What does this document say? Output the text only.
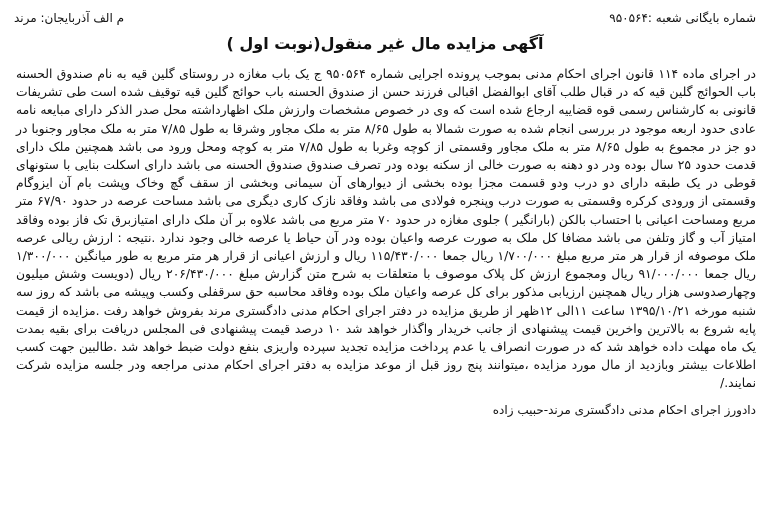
شماره بایگانی شعبه :۹۵۰۵۶۴
م الف آذربایجان: مرند
آگهی مزایده مال غیر منقول(نوبت اول )

در اجرای ماده ۱۱۴ قانون اجرای احکام مدنی بموجب پرونده اجرایی شماره ۹۵۰۵۶۴ ج یک باب مغازه در روستای گلین قیه به نام صندوق الحسنه باب الحوائج گلین قیه که در قبال طلب آقای ابوالفضل اقبالی فرزند حسن از صندوق الحسنه باب حوائج گلین قیه توقیف شده است طی تشریفات قانونی به کارشناس رسمی قوه قضاییه ارجاع شده است که وی در خصوص مشخصات وارزش ملک اظهارداشته محل صدر الذکر دارای مبایعه نامه عادی حدود اربعه موجود در بررسی انجام شده به صورت شمالا به طول ۸/۶۵ متر به ملک مجاور وشرقا به طول ۷/۸۵ متر به ملک مجاور وجنوبا در دو جز در مجموع به طول ۸/۶۵ متر به ملک مجاور وقسمتی از کوچه وغربا به طول ۷/۸۵ متر به کوچه ومحل ورود می باشد همچنین ملک دارای قدمت حدود ۲۵ سال بوده ودر دو دهنه به صورت خالی از سکنه بوده ودر تصرف صندوق صندوق الحسنه می باشد دارای اسکلت بنایی با ستونهای قوطی در یک طبقه دارای دو درب ودو قسمت مجزا بوده بخشی از دیوارهای آن سیمانی وبخشی از سقف گچ وخاک وپشت بام آن ایزوگام وقسمتی از ورودی کرکره وقسمتی به صورت درب وپنجره فولادی می باشد وفاقد نازک کاری دیگری می باشد مساحت عرصه در حدود ۶۷/۹۰ متر مربع ومساحت اعیانی با احتساب بالکن (بارانگیر ) جلوی مغازه در حدود ۷۰ متر مربع می باشد علاوه بر آن ملک دارای امتیازبرق تک فاز بوده وفاقد امتیاز آب و گاز وتلفن می باشد مضافا کل ملک به صورت عرصه واعیان بوده ودر آن حیاط یا عرصه خالی وجود ندارد .نتیجه : ارزش ریالی عرصه ملک موصوفه از قرار هر متر مربع مبلغ ۱/۷۰۰/۰۰۰ ریال جمعا ۱۱۵/۴۳۰/۰۰۰ ریال و ارزش اعیانی از قرار هر متر مربع به طور میانگین ۱/۳۰۰/۰۰۰ ریال جمعا ۹۱/۰۰۰/۰۰۰ ریال ومجموع ارزش کل پلاک موصوف با متعلقات به شرح متن گزارش مبلغ ۲۰۶/۴۳۰/۰۰۰ ریال (دویست وشش میلیون وچهارصدوسی هزار ریال همچنین ارزیابی مذکور برای کل عرصه واعیان ملک بوده وفاقد محاسبه حق سرقفلی وکسب وپیشه می باشد که روز سه شنبه مورخه ۱۳۹۵/۱۰/۲۱ ساعت ۱۱الی ۱۲ظهر از طریق مزایده در دفتر اجرای احکام مدنی دادگستری مرند بفروش خواهد رفت .مزایده از قیمت پایه شروع به بالاترین واخرین قیمت پیشنهادی از جانب خریدار واگذار خواهد شد ۱۰ درصد قیمت پیشنهادی فی المجلس دریافت برای بقیه بمدت یک ماه مهلت داده خواهد شد که در صورت انصراف یا عدم پرداخت مزایده تجدید سپرده واریزی بنفع دولت ضبط خواهد شد .طالبین جهت کسب اطلاعات بیشتر وبازدید از مال مورد مزایده ،میتوانند پنج روز قبل از موعد مزایده به دفتر اجرای احکام مدنی مراجعه ودر جلسه مزایده شرکت نمایند./

دادورز اجرای احکام مدنی دادگستری مرند-حبیب زاده
